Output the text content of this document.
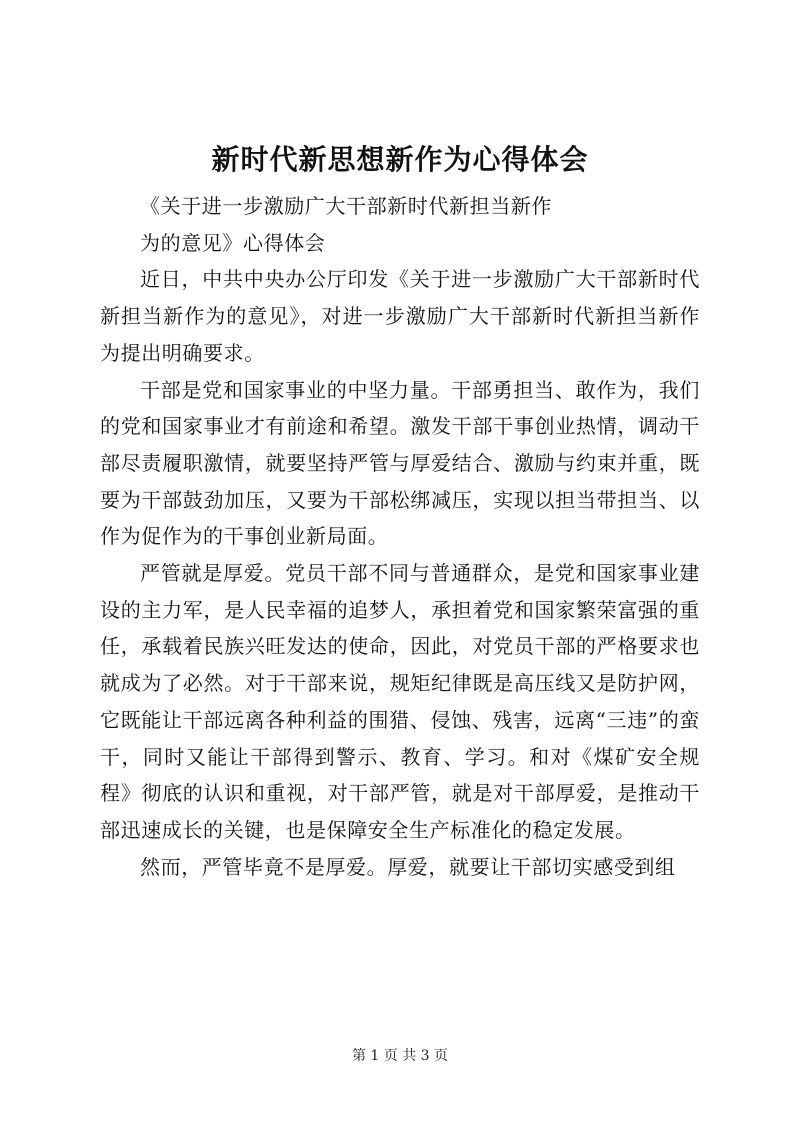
新时代新思想新作为心得体会

《关于进一步激励广大干部新时代新担当新作

为的意见》心得体会

近日，中共中央办公厅印发《关于进一步激励广大干部新时代新担当新作为的意见》，对进一步激励广大干部新时代新担当新作为提出明确要求。

干部是党和国家事业的中坚力量。干部勇担当、敢作为，我们的党和国家事业才有前途和希望。激发干部干事创业热情，调动干部尽责履职激情，就要坚持严管与厚爱结合、激励与约束并重，既要为干部鼓劲加压，又要为干部松绑减压，实现以担当带担当、以作为促作为的干事创业新局面。

严管就是厚爱。党员干部不同与普通群众，是党和国家事业建设的主力军，是人民幸福的追梦人，承担着党和国家繁荣富强的重任，承载着民族兴旺发达的使命，因此，对党员干部的严格要求也就成为了必然。对于干部来说，规矩纪律既是高压线又是防护网，它既能让干部远离各种利益的围猎、侵蚀、残害，远离“三违”的蛮干，同时又能让干部得到警示、教育、学习。和对《煤矿安全规程》彻底的认识和重视，对干部严管，就是对干部厚爱，是推动干部迅速成长的关键，也是保障安全生产标准化的稳定发展。

然而，严管毕竟不是厚爱。厚爱，就要让干部切实感受到组

第 1 页 共 3 页
